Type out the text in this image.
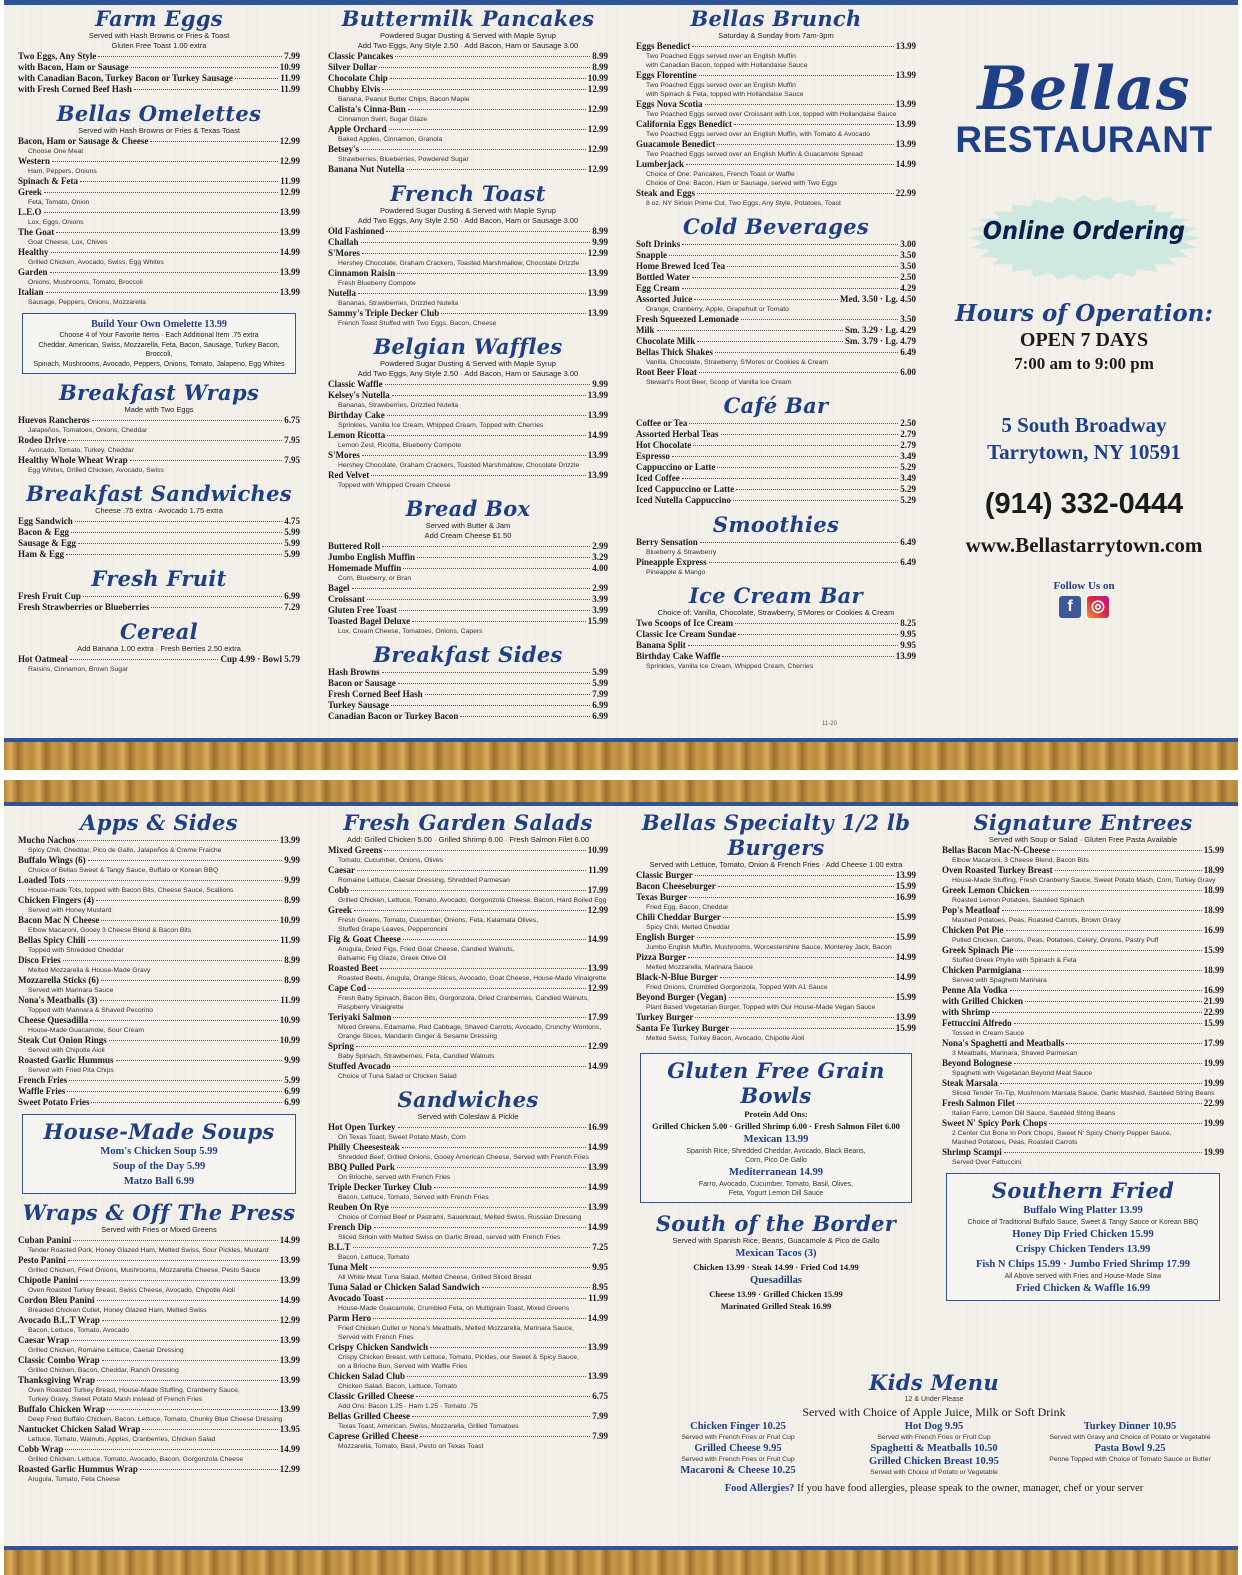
Farm Eggs
Served with Hash Browns or Fries & Toast
Gluten Free Toast 1.00 extra
Two Eggs, Any Style	7.99
with Bacon, Ham or Sausage	10.99
with Canadian Bacon, Turkey Bacon or Turkey Sausage	11.99
with Fresh Corned Beef Hash	11.99
Bellas Omelettes
Served with Hash Browns or Fries & Texas Toast
Bacon, Ham or Sausage & Cheese	12.99
Choose One Meat
Western	12.99
Ham, Peppers, Onions
Spinach & Feta	11.99
Greek	12.99
Feta, Tomato, Onion
L.E.O	13.99
Lox, Eggs, Onions
The Goat	13.99
Goat Cheese, Lox, Chives
Healthy	14.99
Grilled Chicken, Avocado, Swiss, Egg Whites
Garden	13.99
Onions, Mushrooms, Tomato, Broccoli
Italian	13.99
Sausage, Peppers, Onions, Mozzarella
Build Your Own Omelette 13.99
Choose 4 of Your Favorite Items · Each Additional Item .75 extra
Cheddar, American, Swiss, Mozzarella, Feta, Bacon, Sausage, Turkey Bacon, Broccoli,
Spinach, Mushrooms, Avocado, Peppers, Onions, Tomato, Jalapeno, Egg Whites
Breakfast Wraps
Made with Two Eggs
Huevos Rancheros	6.75
Jalapeños, Tomatoes, Onions, Cheddar
Rodeo Drive	7.95
Avocado, Tomato, Turkey, Cheddar
Healthy Whole Wheat Wrap	7.95
Egg Whites, Grilled Chicken, Avocado, Swiss
Breakfast Sandwiches
Cheese .75 extra · Avocado 1.75 extra
Egg Sandwich	4.75
Bacon & Egg	5.99
Sausage & Egg	5.99
Ham & Egg	5.99
Fresh Fruit
Fresh Fruit Cup	6.99
Fresh Strawberries or Blueberries	7.29
Cereal
Add Banana 1.00 extra · Fresh Berries 2.50 extra
Hot Oatmeal	Cup 4.99 · Bowl 5.79
Raisins, Cinnamon, Brown Sugar
Buttermilk Pancakes
Powdered Sugar Dusting & Served with Maple Syrup
Add Two Eggs, Any Style 2.50 · Add Bacon, Ham or Sausage 3.00
Classic Pancakes	8.99
Silver Dollar	8.99
Chocolate Chip	10.99
Chubby Elvis	12.99
Banana, Peanut Butter Chips, Bacon Maple
Calista's Cinna-Bun	12.99
Cinnamon Swirl, Sugar Glaze
Apple Orchard	12.99
Baked Apples, Cinnamon, Granola
Betsey's	12.99
Strawberries, Blueberries, Powdered Sugar
Banana Nut Nutella	12.99
French Toast
Powdered Sugar Dusting & Served with Maple Syrup
Add Two Eggs, Any Style 2.50 · Add Bacon, Ham or Sausage 3.00
Old Fashioned	8.99
Challah	9.99
S'Mores	12.99
Hershey Chocolate, Graham Crackers, Toasted Marshmallow, Chocolate Drizzle
Cinnamon Raisin	13.99
Fresh Blueberry Compote
Nutella	13.99
Bananas, Strawberries, Drizzled Nutella
Sammy's Triple Decker Club	13.99
French Toast Stuffed with Two Eggs, Bacon, Cheese
Belgian Waffles
Powdered Sugar Dusting & Served with Maple Syrup
Add Two Eggs, Any Style 2.50 · Add Bacon, Ham or Sausage 3.00
Classic Waffle	9.99
Kelsey's Nutella	13.99
Bananas, Strawberries, Drizzled Nutella
Birthday Cake	13.99
Sprinkles, Vanilla Ice Cream, Whipped Cream, Topped with Cherries
Lemon Ricotta	14.99
Lemon Zest, Ricotta, Blueberry Compote
S'Mores	13.99
Hershey Chocolate, Graham Crackers, Toasted Marshmallow, Chocolate Drizzle
Red Velvet	13.99
Topped with Whipped Cream Cheese
Bread Box
Served with Butter & Jam
Add Cream Cheese $1.50
Buttered Roll	2.99
Jumbo English Muffin	3.29
Homemade Muffin	4.00
Corn, Blueberry, or Bran
Bagel	2.99
Croissant	3.99
Gluten Free Toast	3.99
Toasted Bagel Deluxe	15.99
Lox, Cream Cheese, Tomatoes, Onions, Capers
Breakfast Sides
Hash Browns	5.99
Bacon or Sausage	5.99
Fresh Corned Beef Hash	7.99
Turkey Sausage	6.99
Canadian Bacon or Turkey Bacon	6.99
Bellas Brunch
Saturday & Sunday from 7am-3pm
Eggs Benedict	13.99
Two Poached Eggs served over an English Muffin
with Canadian Bacon, topped with Hollandaise Sauce
Eggs Florentine	13.99
Two Poached Eggs served over an English Muffin
with Spinach & Feta, topped with Hollandaise Sauce
Eggs Nova Scotia	13.99
Two Poached Eggs served over Croissant with Lox, topped with Hollandaise Sauce
California Eggs Benedict	13.99
Two Poached Eggs served over an English Muffin, with Tomato & Avocado
Guacamole Benedict	13.99
Two Poached Eggs served over an English Muffin & Guacamole Spread
Lumberjack	14.99
Choice of One: Pancakes, French Toast or Waffle
Choice of One: Bacon, Ham or Sausage, served with Two Eggs
Steak and Eggs	22.99
8 oz. NY Sirloin Prime Cut, Two Eggs, Any Style, Potatoes, Toast
Cold Beverages
Soft Drinks	3.00
Snapple	3.50
Home Brewed Iced Tea	3.50
Bottled Water	2.50
Egg Cream	4.29
Assorted Juice	Med. 3.50 · Lg. 4.50
Orange, Cranberry, Apple, Grapefruit or Tomato
Fresh Squeezed Lemonade	3.50
Milk	Sm. 3.29 · Lg. 4.29
Chocolate Milk	Sm. 3.79 · Lg. 4.79
Bellas Thick Shakes	6.49
Vanilla, Chocolate, Strawberry, S'Mores or Cookies & Cream
Root Beer Float	6.00
Stewart's Root Beer, Scoop of Vanilla Ice Cream
Café Bar
Coffee or Tea	2.50
Assorted Herbal Teas	2.79
Hot Chocolate	2.79
Espresso	3.49
Cappuccino or Latte	5.29
Iced Coffee	3.49
Iced Cappuccino or Latte	5.29
Iced Nutella Cappuccino	5.29
Smoothies
Berry Sensation	6.49
Blueberry & Strawberry
Pineapple Express	6.49
Pineapple & Mango
Ice Cream Bar
Choice of: Vanilla, Chocolate, Strawberry, S'Mores or Cookies & Cream
Two Scoops of Ice Cream	8.25
Classic Ice Cream Sundae	9.95
Banana Split	9.95
Birthday Cake Waffle	13.99
Sprinkles, Vanilla Ice Cream, Whipped Cream, Cherries
Bellas
RESTAURANT
Online Ordering
Hours of Operation:
OPEN 7 DAYS
7:00 am to 9:00 pm
5 South Broadway
Tarrytown, NY 10591
(914) 332-0444
www.Bellastarrytown.com
Follow Us on
f	◎
11-20
Apps & Sides
Mucho Nachos	13.99
Spicy Chili, Cheddar, Pico de Gallo, Jalapeños & Creme Fraiche
Buffalo Wings (6)	9.99
Choice of Bellas Sweet & Tangy Sauce, Buffalo or Korean BBQ
Loaded Tots	9.99
House-made Tots, topped with Bacon Bits, Cheese Sauce, Scallions
Chicken Fingers (4)	8.99
Served with Honey Mustard
Bacon Mac N Cheese	10.99
Elbow Macaroni, Gooey 3 Cheese Blend & Bacon Bits
Bellas Spicy Chili	11.99
Topped with Shredded Cheddar
Disco Fries	8.99
Melted Mozzarella & House-Made Gravy
Mozzarella Sticks (6)	8.99
Served with Marinara Sauce
Nona's Meatballs (3)	11.99
Topped with Marinara & Shaved Pecorino
Cheese Quesadilla	10.99
House-Made Guacamole, Sour Cream
Steak Cut Onion Rings	10.99
Served with Chipotle Aioli
Roasted Garlic Hummus	9.99
Served with Fried Pita Chips
French Fries	5.99
Waffle Fries	6.99
Sweet Potato Fries	6.99
House-Made Soups
Mom's Chicken Soup 5.99
Soup of the Day 5.99
Matzo Ball 6.99
Wraps & Off The Press
Served with Fries or Mixed Greens
Cuban Panini	14.99
Tender Roasted Pork, Honey Glazed Ham, Melted Swiss, Sour Pickles, Mustard
Pesto Panini	13.99
Grilled Chicken, Fried Onions, Mushrooms, Mozzarella Cheese, Pesto Sauce
Chipotle Panini	13.99
Oven Roasted Turkey Breast, Swiss Cheese, Avocado, Chipotle Aioli
Cordon Bleu Panini	14.99
Breaded Chicken Cutlet, Honey Glazed Ham, Melted Swiss
Avocado B.L.T Wrap	12.99
Bacon, Lettuce, Tomato, Avocado
Caesar Wrap	13.99
Grilled Chicken, Romaine Lettuce, Caesar Dressing
Classic Combo Wrap	13.99
Grilled Chicken, Bacon, Cheddar, Ranch Dressing
Thanksgiving Wrap	13.99
Oven Roasted Turkey Breast, House-Made Stuffing, Cranberry Sauce,
Turkey Gravy, Sweet Potato Mash instead of French Fries
Buffalo Chicken Wrap	13.99
Deep Fried Buffalo Chicken, Bacon, Lettuce, Tomato, Chunky Blue Cheese Dressing
Nantucket Chicken Salad Wrap	13.95
Lettuce, Tomato, Walnuts, Apples, Cranberries, Chicken Salad
Cobb Wrap	14.99
Grilled Chicken, Lettuce, Tomato, Avocado, Bacon, Gorgonzola Cheese
Roasted Garlic Hummus Wrap	12.99
Arugula, Tomato, Feta Cheese
Fresh Garden Salads
Add: Grilled Chicken 5.00 · Grilled Shrimp 6.00 · Fresh Salmon Filet 6.00
Mixed Greens	10.99
Tomato, Cucumber, Onions, Olives
Caesar	11.99
Romaine Lettuce, Caesar Dressing, Shredded Parmesan
Cobb	17.99
Grilled Chicken, Lettuce, Tomato, Avocado, Gorgonzola Cheese, Bacon, Hard Boiled Egg
Greek	12.99
Fresh Greens, Tomato, Cucumber, Onions, Feta, Kalamata Olives,
Stuffed Grape Leaves, Pepperoncini
Fig & Goat Cheese	14.99
Arugula, Dried Figs, Fried Goat Cheese, Candied Walnuts,
Balsamic Fig Glaze, Greek Olive Oil
Roasted Beet	13.99
Roasted Beets, Arugula, Orange Slices, Avocado, Goat Cheese, House-Made Vinaigrette
Cape Cod	12.99
Fresh Baby Spinach, Bacon Bits, Gorgonzola, Dried Cranberries, Candied Walnuts,
Raspberry Vinaigrette
Teriyaki Salmon	17.99
Mixed Greens, Edamame, Red Cabbage, Shaved Carrots, Avocado, Crunchy Wontons,
Orange Slices, Mandarin Ginger & Sesame Dressing
Spring	12.99
Baby Spinach, Strawberries, Feta, Candied Walnuts
Stuffed Avocado	14.99
Choice of Tuna Salad or Chicken Salad
Sandwiches
Served with Coleslaw & Pickle
Hot Open Turkey	16.99
On Texas Toast, Sweet Potato Mash, Corn
Philly Cheesesteak	14.99
Shredded Beef, Grilled Onions, Gooey American Cheese, Served with French Fries
BBQ Pulled Pork	13.99
On Brioche, served with French Fries
Triple Decker Turkey Club	14.99
Bacon, Lettuce, Tomato, Served with French Fries
Reuben On Rye	13.99
Choice of Corned Beef or Pastrami, Sauerkraut, Melted Swiss, Russian Dressing
French Dip	14.99
Sliced Sirloin with Melted Swiss on Garlic Bread, served with French Fries
B.L.T	7.25
Bacon, Lettuce, Tomato
Tuna Melt	9.95
All White Meat Tuna Salad, Melted Cheese, Grilled Sliced Bread
Tuna Salad or Chicken Salad Sandwich	8.95
Avocado Toast	11.99
House-Made Guacamole, Crumbled Feta, on Multigrain Toast, Mixed Greens
Parm Hero	14.99
Fried Chicken Cutlet or Nona's Meatballs, Melted Mozzarella, Marinara Sauce,
Served with French Fries
Crispy Chicken Sandwich	13.99
Crispy Chicken Breast, with Lettuce, Tomato, Pickles, our Sweet & Spicy Sauce,
on a Brioche Bun, Served with Waffle Fries
Chicken Salad Club	13.99
Chicken Salad, Bacon, Lettuce, Tomato
Classic Grilled Cheese	6.75
Add Ons: Bacon 1.25 · Ham 1.25 · Tomato .75
Bellas Grilled Cheese	7.99
Texas Toast, American, Swiss, Mozzarella, Grilled Tomatoes
Caprese Grilled Cheese	7.99
Mozzarella, Tomato, Basil, Pesto on Texas Toast
Bellas Specialty 1/2 lb Burgers
Served with Lettuce, Tomato, Onion & French Fries · Add Cheese 1.00 extra
Classic Burger	13.99
Bacon Cheeseburger	15.99
Texas Burger	16.99
Fried Egg, Bacon, Cheddar
Chili Cheddar Burger	15.99
Spicy Chili, Melted Cheddar
English Burger	15.99
Jumbo English Muffin, Mushrooms, Worcestershire Sauce, Monterey Jack, Bacon
Pizza Burger	14.99
Melted Mozzarella, Marinara Sauce
Black-N-Blue Burger	14.99
Fried Onions, Crumbled Gorgonzola, Topped With A1 Sauce
Beyond Burger (Vegan)	15.99
Plant Based Vegetarian Burger, Topped with Our House-Made Vegan Sauce
Turkey Burger	13.99
Santa Fe Turkey Burger	15.99
Melted Swiss, Turkey Bacon, Avocado, Chipotle Aioli
Gluten Free Grain Bowls
Protein Add Ons:
Grilled Chicken 5.00 · Grilled Shrimp 6.00 · Fresh Salmon Filet 6.00
Mexican 13.99
Spanish Rice, Shredded Cheddar, Avocado, Black Beans,
Corn, Pico De Gallo
Mediterranean 14.99
Farro, Avocado, Cucumber, Tomato, Basil, Olives,
Feta, Yogurt Lemon Dill Sauce
South of the Border
Served with Spanish Rice, Beans, Guacamole & Pico de Gallo
Mexican Tacos (3)
Chicken 13.99 · Steak 14.99 · Fried Cod 14.99
Quesadillas
Cheese 13.99 · Grilled Chicken 15.99
Marinated Grilled Steak 16.99
Signature Entrees
Served with Soup or Salad · Gluten Free Pasta Available
Bellas Bacon Mac-N-Cheese	15.99
Elbow Macaroni, 3 Cheese Blend, Bacon Bits
Oven Roasted Turkey Breast	18.99
House-Made Stuffing, Fresh Cranberry Sauce, Sweet Potato Mash, Corn, Turkey Gravy
Greek Lemon Chicken	18.99
Roasted Lemon Potatoes, Sautéed Spinach
Pop's Meatloaf	18.99
Mashed Potatoes, Peas, Roasted Carrots, Brown Gravy
Chicken Pot Pie	16.99
Pulled Chicken, Carrots, Peas, Potatoes, Celery, Onions, Pastry Puff
Greek Spinach Pie	15.99
Stuffed Greek Phyllo with Spinach & Feta
Chicken Parmigiana	18.99
Served with Spaghetti Marinara
Penne Ala Vodka	16.99
with Grilled Chicken	21.99
with Shrimp	22.99
Fettuccini Alfredo	15.99
Tossed in Cream Sauce
Nona's Spaghetti and Meatballs	17.99
3 Meatballs, Marinara, Shaved Parmesan
Beyond Bolognese	19.99
Spaghetti with Vegetarian Beyond Meat Sauce
Steak Marsala	19.99
Sliced Tender Tri-Tip, Mushroom Marsala Sauce, Garlic Mashed, Sautéed String Beans
Fresh Salmon Filet	22.99
Italian Farro, Lemon Dill Sauce, Sautéed String Beans
Sweet N' Spicy Pork Chops	19.99
2 Center Cut Bone In Pork Chops, Sweet N' Spicy Cherry Pepper Sauce,
Mashed Potatoes, Peas, Roasted Carrots
Shrimp Scampi	19.99
Served Over Fettuccini
Southern Fried
Buffalo Wing Platter 13.99
Choice of Traditional Buffalo Sauce, Sweet & Tangy Sauce or Korean BBQ
Honey Dip Fried Chicken 15.99
Crispy Chicken Tenders 13.99
Fish N Chips 15.99 · Jumbo Fried Shrimp 17.99
All Above served with Fries and House-Made Slaw
Fried Chicken & Waffle 16.99
Kids Menu
12 & Under Please
Served with Choice of Apple Juice, Milk or Soft Drink
Chicken Finger 10.25
Served with French Fries or Fruit Cup
Grilled Cheese 9.95
Served with French Fries or Fruit Cup
Macaroni & Cheese 10.25
Hot Dog 9.95
Served with French Fries or Fruit Cup
Spaghetti & Meatballs 10.50
Grilled Chicken Breast 10.95
Served with Choice of Potato or Vegetable
Turkey Dinner 10.95
Served with Gravy and Choice of Potato or Vegetable
Pasta Bowl 9.25
Penne Topped with Choice of Tomato Sauce or Butter
Food Allergies? If you have food allergies, please speak to the owner, manager, chef or your server
